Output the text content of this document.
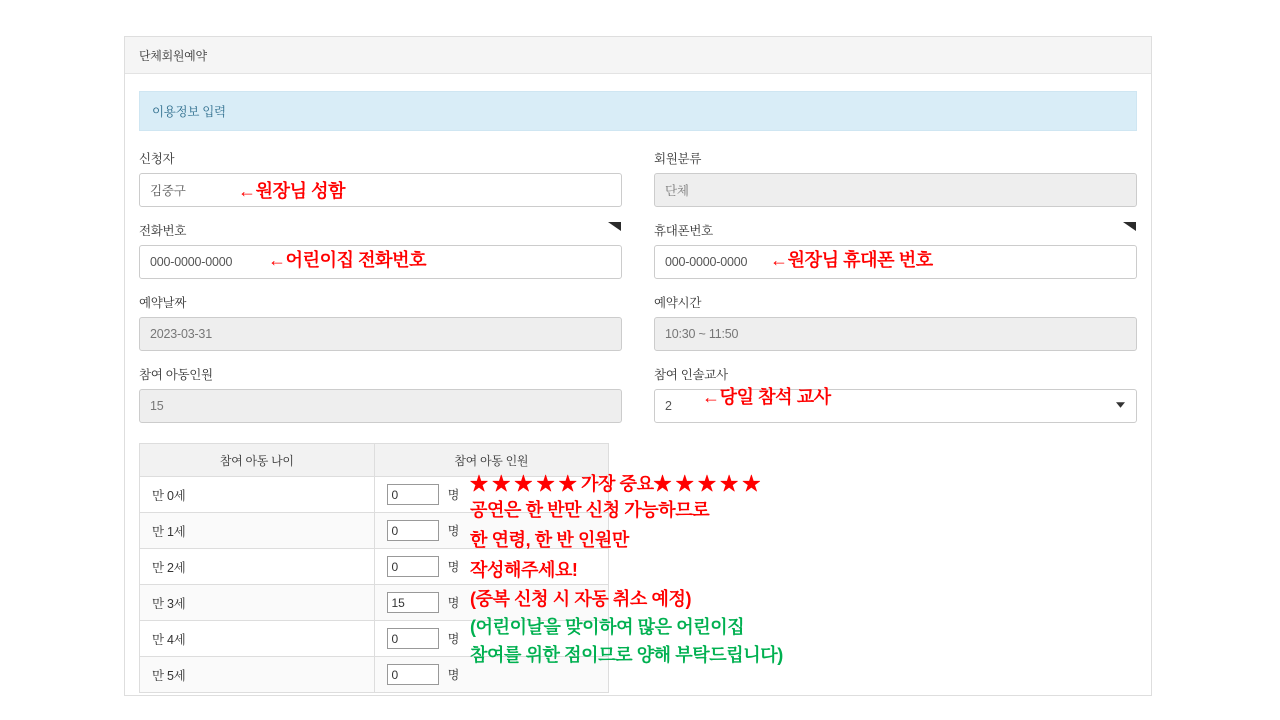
단체회원예약
이용정보 입력
신청자
김중구	회원분류
단체
전화번호
000-0000-0000	휴대폰번호
000-0000-0000
예약날짜
2023-03-31	예약시간
10:30 ~ 11:50
참여 아동인원
15	참여 인솔교사
2
참여 아동 나이	참여 아동 인원
만 0세	0명
만 1세	0명
만 2세	0명
만 3세	15명
만 4세	0명
만 5세	0명
←원장님 성함
←어린이집 전화번호	←원장님 휴대폰 번호
←당일 참석 교사
★ ★ ★ ★ ★ 가장 중요★ ★ ★ ★ ★
공연은 한 반만 신청 가능하므로
한 연령, 한 반 인원만
작성해주세요!
(중복 신청 시 자동 취소 예정)
(어린이날을 맞이하여 많은 어린이집
참여를 위한 점이므로 양해 부탁드립니다)
